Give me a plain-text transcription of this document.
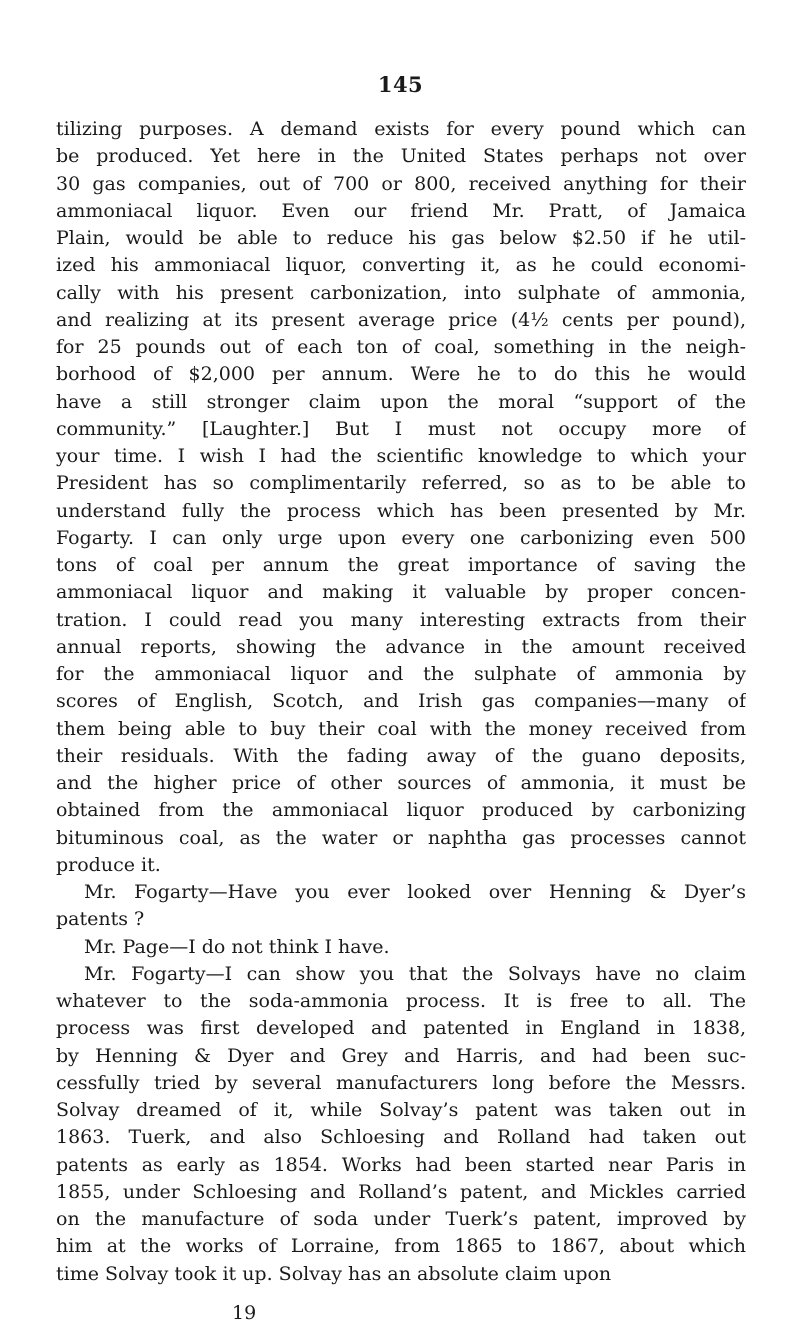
145
tilizing purposes. A demand exists for every pound which can
be produced. Yet here in the United States perhaps not over
30 gas companies, out of 700 or 800, received anything for their
ammoniacal liquor. Even our friend Mr. Pratt, of Jamaica
Plain, would be able to reduce his gas below $2.50 if he util-
ized his ammoniacal liquor, converting it, as he could economi-
cally with his present carbonization, into sulphate of ammonia,
and realizing at its present average price (4½ cents per pound),
for 25 pounds out of each ton of coal, something in the neigh-
borhood of $2,000 per annum. Were he to do this he would
have a still stronger claim upon the moral “support of the
community.” [Laughter.] But I must not occupy more of
your time. I wish I had the scientific knowledge to which your
President has so complimentarily referred, so as to be able to
understand fully the process which has been presented by Mr.
Fogarty. I can only urge upon every one carbonizing even 500
tons of coal per annum the great importance of saving the
ammoniacal liquor and making it valuable by proper concen-
tration. I could read you many interesting extracts from their
annual reports, showing the advance in the amount received
for the ammoniacal liquor and the sulphate of ammonia by
scores of English, Scotch, and Irish gas companies—many of
them being able to buy their coal with the money received from
their residuals. With the fading away of the guano deposits,
and the higher price of other sources of ammonia, it must be
obtained from the ammoniacal liquor produced by carbonizing
bituminous coal, as the water or naphtha gas processes cannot
produce it.
Mr. Fogarty—Have you ever looked over Henning & Dyer’s
patents ?
Mr. Page—I do not think I have.
Mr. Fogarty—I can show you that the Solvays have no claim
whatever to the soda-ammonia process. It is free to all. The
process was first developed and patented in England in 1838,
by Henning & Dyer and Grey and Harris, and had been suc-
cessfully tried by several manufacturers long before the Messrs.
Solvay dreamed of it, while Solvay’s patent was taken out in
1863. Tuerk, and also Schloesing and Rolland had taken out
patents as early as 1854. Works had been started near Paris in
1855, under Schloesing and Rolland’s patent, and Mickles carried
on the manufacture of soda under Tuerk’s patent, improved by
him at the works of Lorraine, from 1865 to 1867, about which
time Solvay took it up. Solvay has an absolute claim upon
19
